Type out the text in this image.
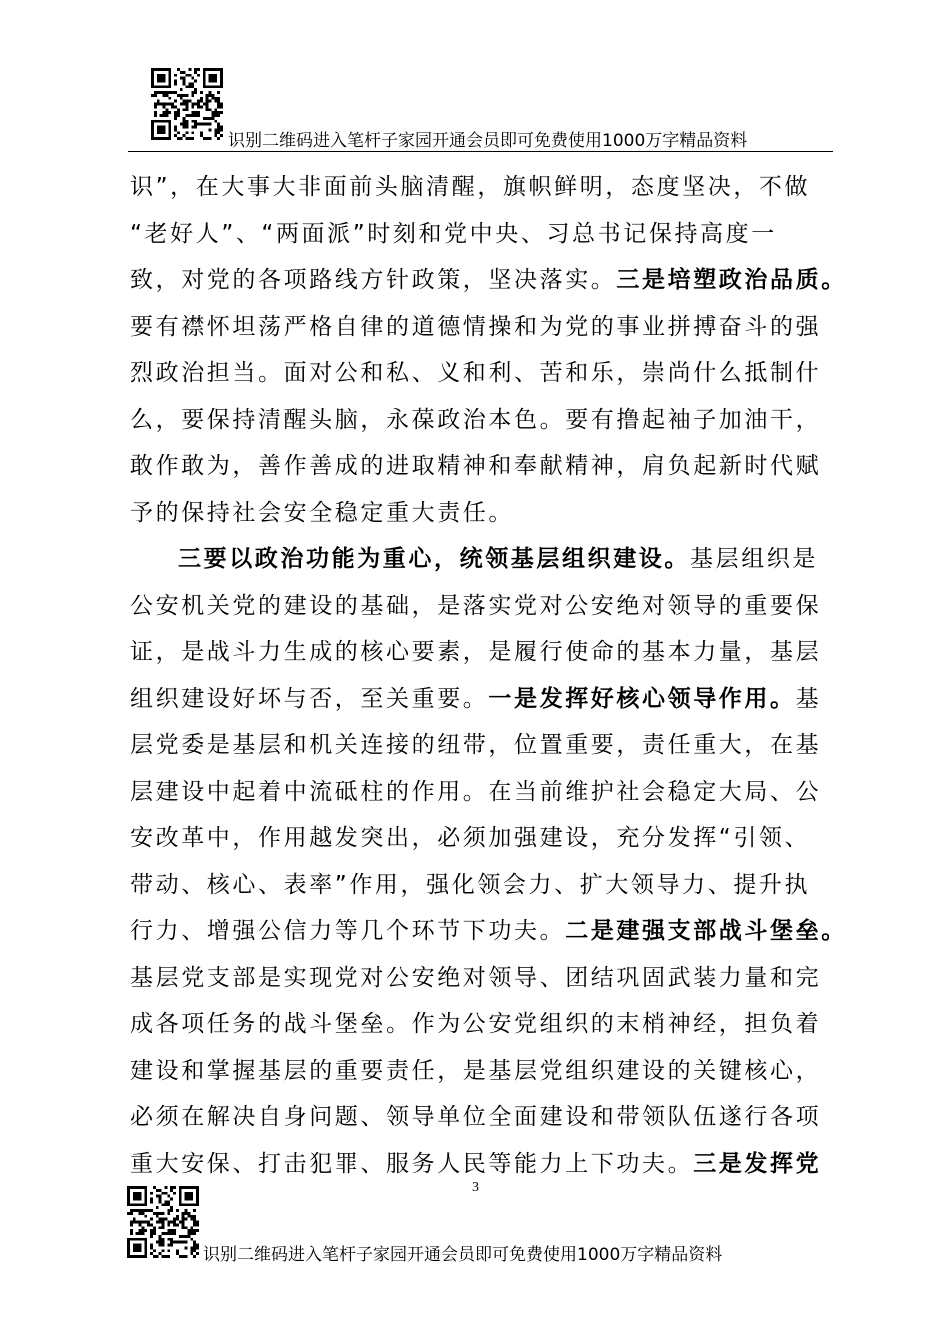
识别二维码进入笔杆子家园开通会员即可免费使用1000万字精品资料
识”，在大事大非面前头脑清醒，旗帜鲜明，态度坚决，不做
“老好人”、“两面派”时刻和党中央、习总书记保持高度一
致，对党的各项路线方针政策，坚决落实。三是培塑政治品质。
要有襟怀坦荡严格自律的道德情操和为党的事业拼搏奋斗的强
烈政治担当。面对公和私、义和利、苦和乐，崇尚什么抵制什
么，要保持清醒头脑，永葆政治本色。要有撸起袖子加油干，
敢作敢为，善作善成的进取精神和奉献精神，肩负起新时代赋
予的保持社会安全稳定重大责任。
三要以政治功能为重心，统领基层组织建设。基层组织是
公安机关党的建设的基础，是落实党对公安绝对领导的重要保
证，是战斗力生成的核心要素，是履行使命的基本力量，基层
组织建设好坏与否，至关重要。一是发挥好核心领导作用。基
层党委是基层和机关连接的纽带，位置重要，责任重大，在基
层建设中起着中流砥柱的作用。在当前维护社会稳定大局、公
安改革中，作用越发突出，必须加强建设，充分发挥“引领、
带动、核心、表率”作用，强化领会力、扩大领导力、提升执
行力、增强公信力等几个环节下功夫。二是建强支部战斗堡垒。
基层党支部是实现党对公安绝对领导、团结巩固武装力量和完
成各项任务的战斗堡垒。作为公安党组织的末梢神经，担负着
建设和掌握基层的重要责任，是基层党组织建设的关键核心，
必须在解决自身问题、领导单位全面建设和带领队伍遂行各项
重大安保、打击犯罪、服务人民等能力上下功夫。三是发挥党
3
识别二维码进入笔杆子家园开通会员即可免费使用1000万字精品资料
